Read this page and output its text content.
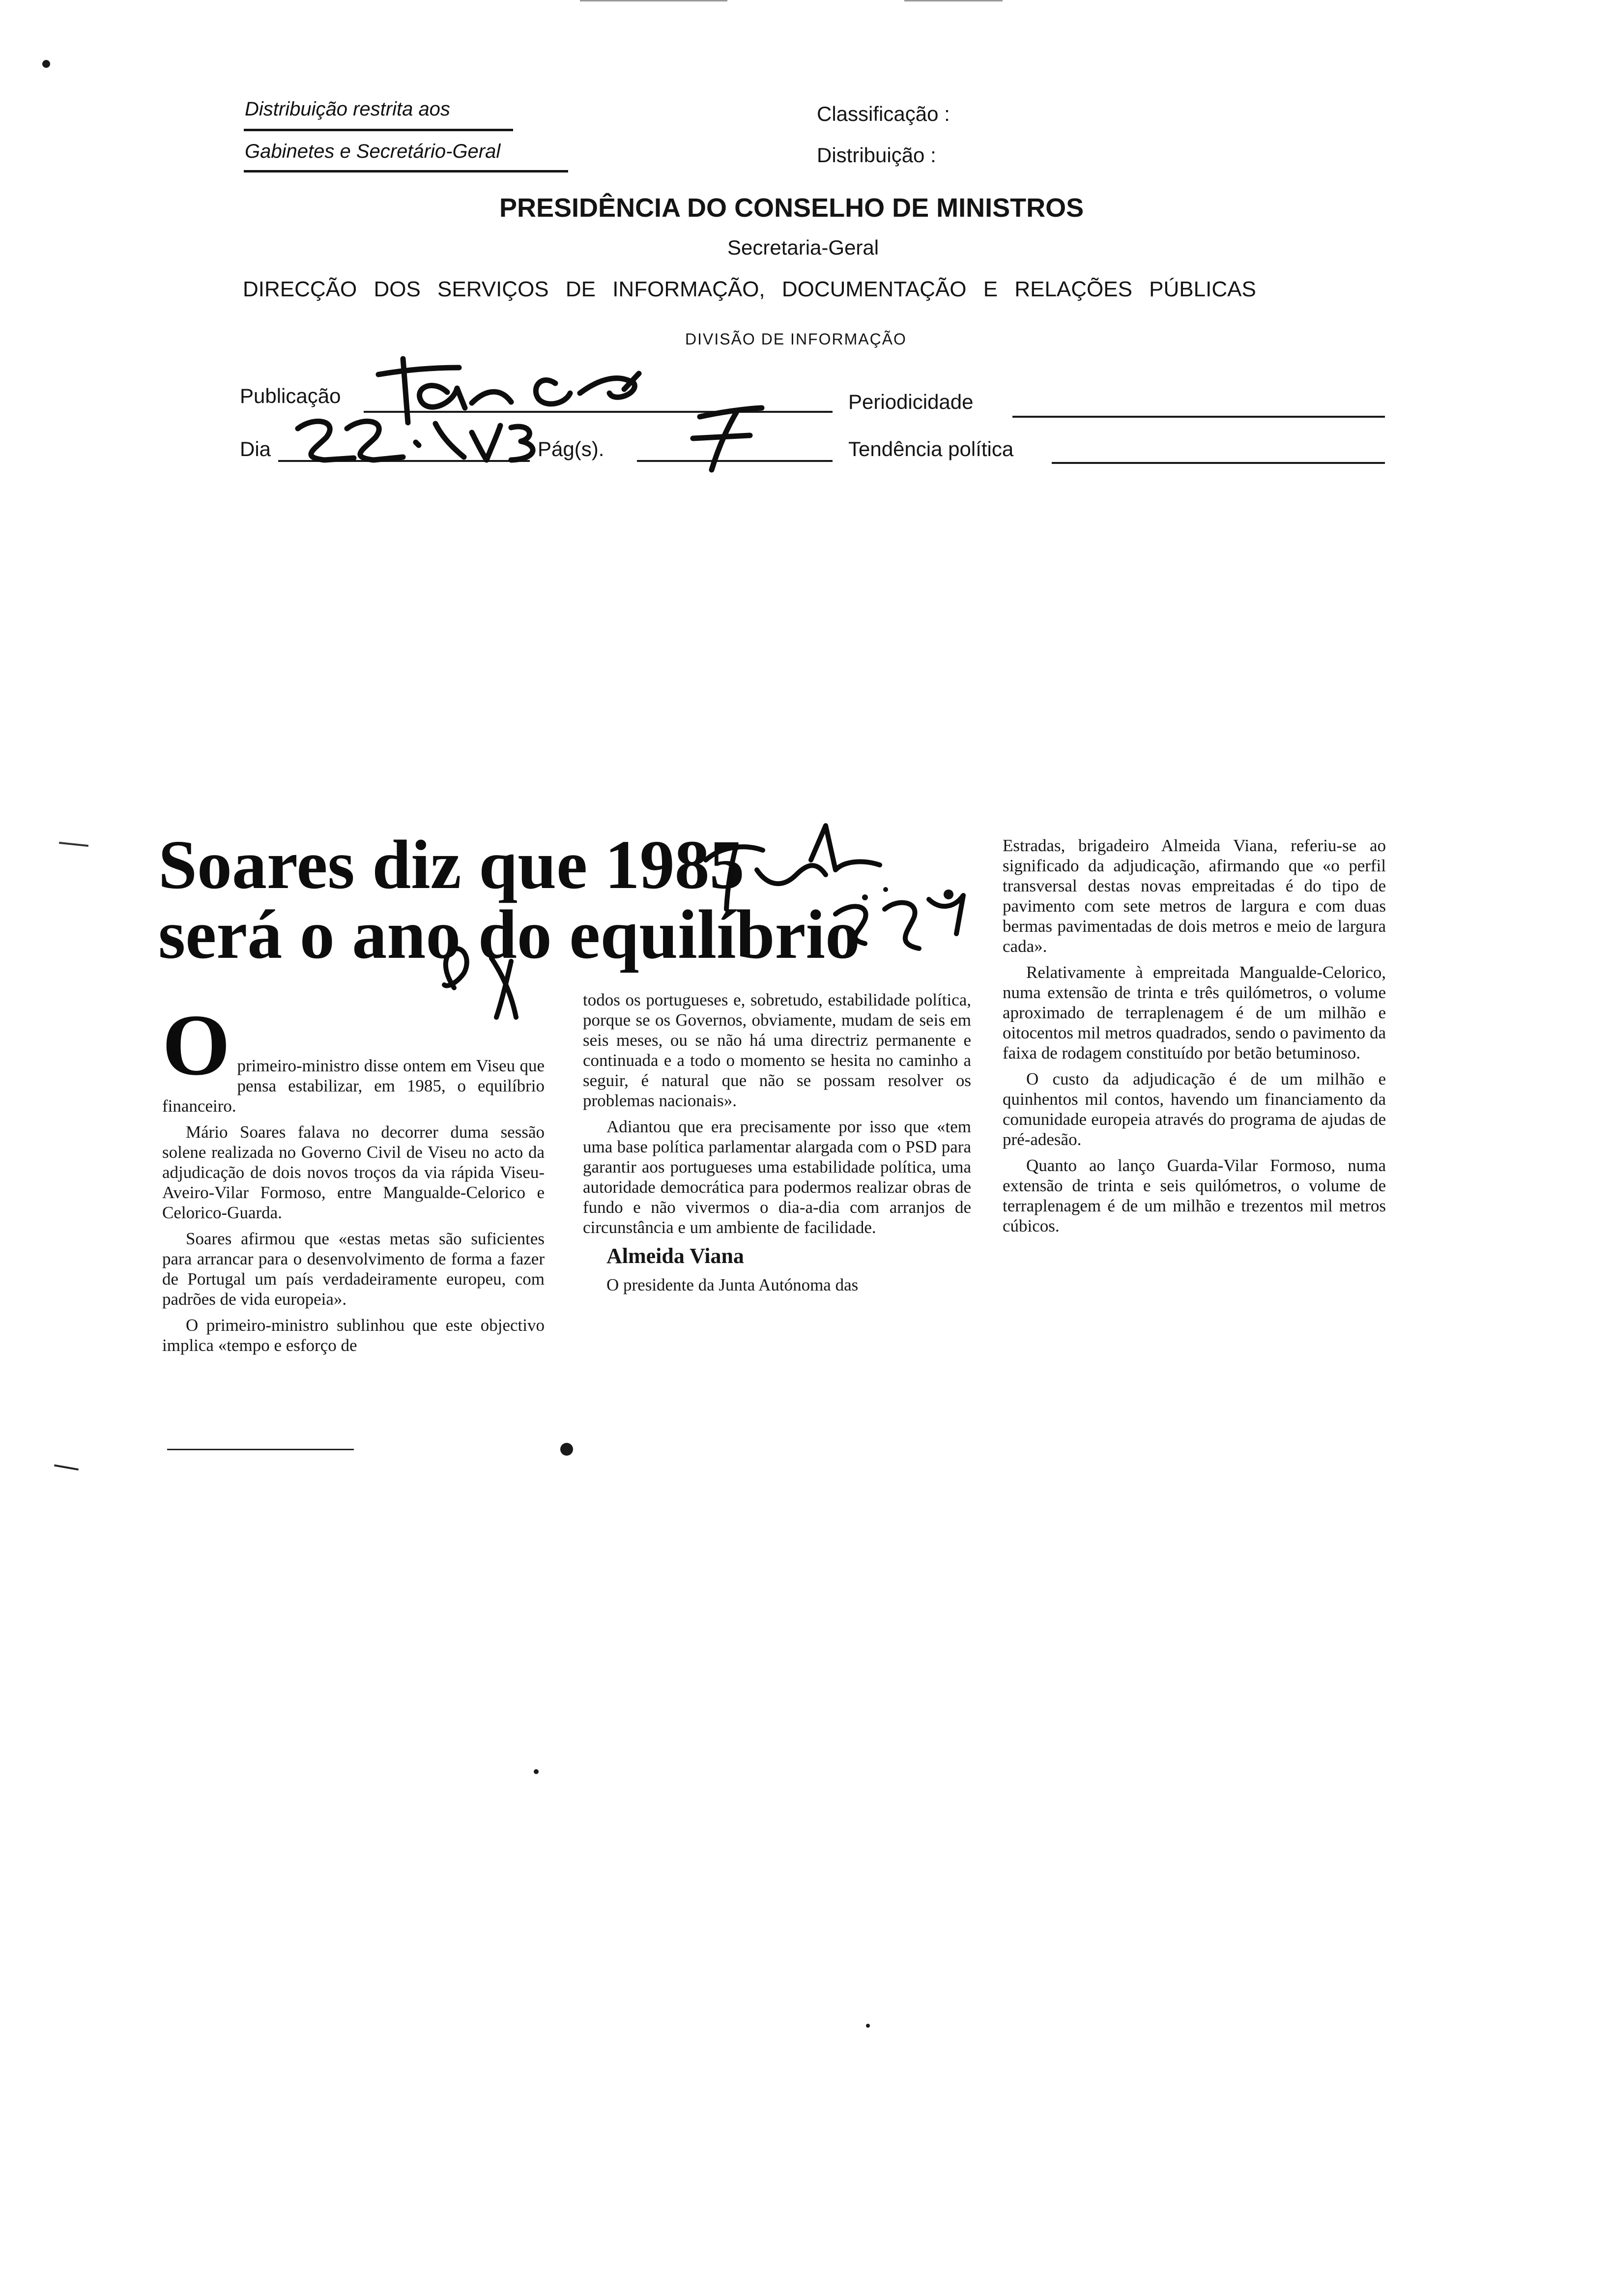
Distribuição restrita aos
Gabinetes e Secretário-Geral
Classificação :
Distribuição :
PRESIDÊNCIA DO CONSELHO DE MINISTROS
Secretaria-Geral
DIRECÇÃO DOS SERVIÇOS DE INFORMAÇÃO, DOCUMENTAÇÃO E RELAÇÕES PÚBLICAS
DIVISÃO DE INFORMAÇÃO
Publicação
Dia	Pág(s).
Periodicidade
Tendência política
Soares diz que 1985
será o ano do equilíbrio
O primeiro-ministro disse ontem em Viseu que pensa estabilizar, em 1985, o equilíbrio financeiro.

Mário Soares falava no decorrer duma sessão solene realizada no Governo Civil de Viseu no acto da adjudicação de dois novos troços da via rápida Viseu-Aveiro-Vilar Formoso, entre Mangualde-Celorico e Celorico-Guarda.

Soares afirmou que «estas metas são suficientes para arrancar para o desenvolvimento de forma a fazer de Portugal um país verdadeiramente europeu, com padrões de vida europeia».

O primeiro-ministro sublinhou que este objectivo implica «tempo e esforço de

todos os portugueses e, sobretudo, estabilidade política, porque se os Governos, obviamente, mudam de seis em seis meses, ou se não há uma directriz permanente e continuada e a todo o momento se hesita no caminho a seguir, é natural que não se possam resolver os problemas nacionais».

Adiantou que era precisamente por isso que «tem uma base política parlamentar alargada com o PSD para garantir aos portugueses uma estabilidade política, uma autoridade democrática para podermos realizar obras de fundo e não vivermos o dia-a-dia com arranjos de circunstância e um ambiente de facilidade.

Almeida Viana

O presidente da Junta Autónoma das

Estradas, brigadeiro Almeida Viana, referiu-se ao significado da adjudicação, afirmando que «o perfil transversal destas novas empreitadas é do tipo de pavimento com sete metros de largura e com duas bermas pavimentadas de dois metros e meio de largura cada».

Relativamente à empreitada Mangualde-Celorico, numa extensão de trinta e três quilómetros, o volume aproximado de terraplenagem é de um milhão e oitocentos mil metros quadrados, sendo o pavimento da faixa de rodagem constituído por betão betuminoso.

O custo da adjudicação é de um milhão e quinhentos mil contos, havendo um financiamento da comunidade europeia através do programa de ajudas de pré-adesão.

Quanto ao lanço Guarda-Vilar Formoso, numa extensão de trinta e seis quilómetros, o volume de terraplenagem é de um milhão e trezentos mil metros cúbicos.
